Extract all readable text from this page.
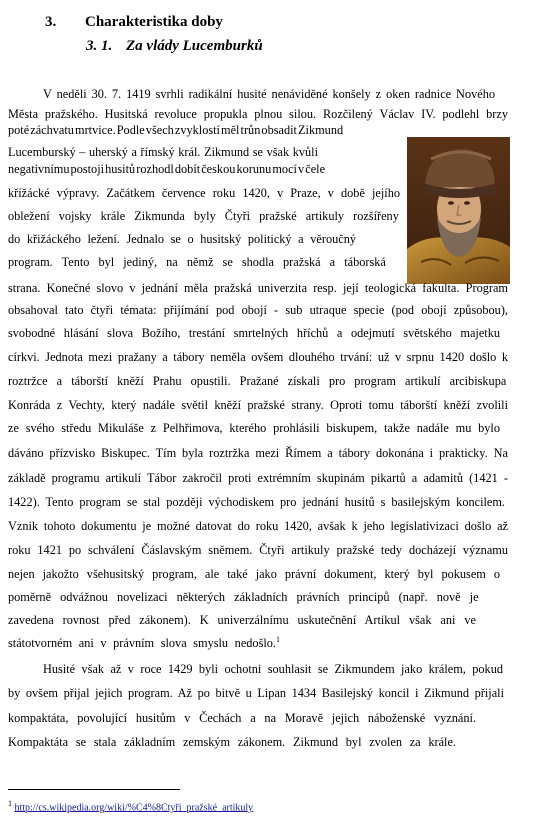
3. Charakteristika doby
3. 1. Za vlády Lucemburků
V neděli 30. 7. 1419 svrhli radikální husité nenáviděné konšely z oken radnice Nového
Města pražského. Husitská revoluce propukla plnou silou. Rozčilený Václav IV. podlehl brzy
poté záchvatu mrtvice. Podle všech zvyklostí měl trůn obsadit Zikmund
Lucemburský – uherský a římský král. Zikmund se však kvůli
negativnímu postoji husitů rozhodl dobít českou korunu mocí v čele
křížácké výpravy. Začátkem července roku 1420, v Praze, v době jejího
obležení vojsky krále Zikmunda byly Čtyři pražské artikuly rozšířeny
do křižáckého ležení. Jednalo se o husitský politický a věroučný
program. Tento byl jediný, na němž se shodla pražská a táborská
strana. Konečné slovo v jednání měla pražská univerzita resp. její teologická fakulta. Program
obsahoval tato čtyři témata: přijímání pod obojí - sub utraque specie (pod obojí způsobou),
svobodné hlásání slova Božího, trestání smrtelných hříchů a odejmutí světského majetku
církvi. Jednota mezi pražany a tábory neměla ovšem dlouhého trvání: už v srpnu 1420 došlo k
roztržce a táborští kněží Prahu opustili. Pražané získali pro program artikulí arcibiskupa
Konráda z Vechty, který nadále světil kněží pražské strany. Oproti tomu táborští kněží zvolili
ze svého středu Mikuláše z Pelhřimova, kterého prohlásili biskupem, takže nadále mu bylo
dáváno přízvisko Biskupec. Tím byla roztržka mezi Římem a tábory dokonána i prakticky. Na
základě programu artikulí Tábor zakročil proti extrémním skupinám pikartů a adamitů (1421 -
1422). Tento program se stal později východiskem pro jednání husitů s basilejským koncilem.
Vznik tohoto dokumentu je možné datovat do roku 1420, avšak k jeho legislativizaci došlo až
roku 1421 po schválení Čáslavským sněmem. Čtyři artikuly pražské tedy docházejí významu
nejen jakožto všehusitský program, ale také jako právní dokument, který byl pokusem o
poměrně odvážnou novelizaci některých základních právních principů (např. nově je
zavedena rovnost před zákonem). K univerzálnímu uskutečnění Artikul však ani ve
státotvorném ani v právním slova smyslu nedošlo.$^1$
Husité však až v roce 1429 byli ochotni souhlasit se Zikmundem jako králem, pokud
by ovšem přijal jejich program. Až po bitvě u Lipan 1434 Basilejský koncil i Zikmund přijali
kompaktáta, povolující husitům v Čechách a na Moravě jejich náboženské vyznání.
Kompaktáta se stala základním zemským zákonem. Zikmund byl zvolen za krále.
$^1$ http://cs.wikipedia.org/wiki/%C4%8Ctyři_pražské_artikuly
